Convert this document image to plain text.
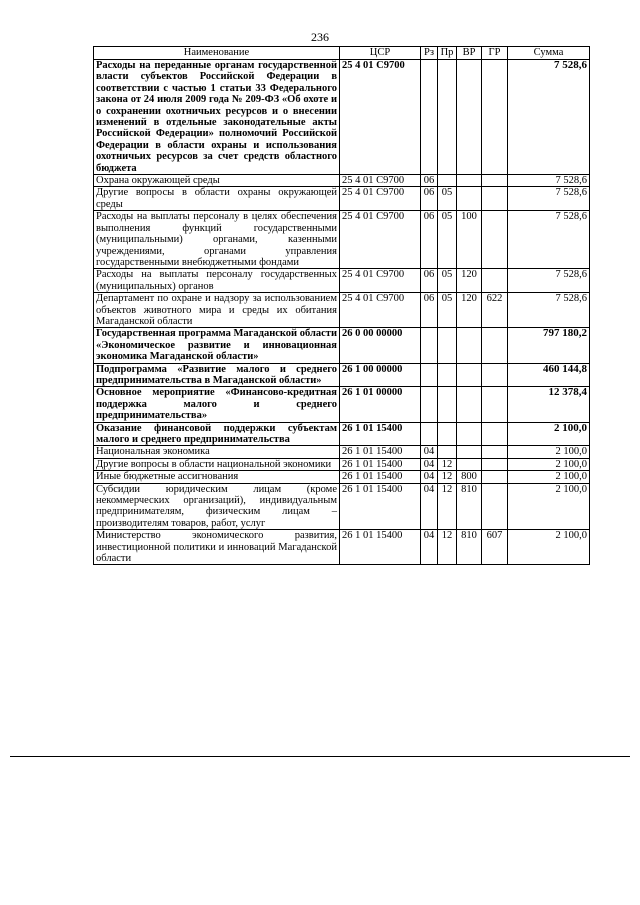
236
Наименование	ЦСР	Рз	Пр	ВР	ГР	Сумма
Расходы на переданные органам государственной власти субъектов Российской Федерации в соответствии с частью 1 статьи 33 Федерального закона от 24 июля 2009 года № 209-ФЗ «Об охоте и о сохранении охотничьих ресурсов и о внесении изменений в отдельные законодательные акты Российской Федерации» полномочий Российской Федерации в области охраны и использования охотничьих ресурсов за счет средств областного бюджета	25 4 01 С9700					7 528,6
Охрана окружающей среды	25 4 01 С9700	06				7 528,6
Другие вопросы в области охраны окружающей среды	25 4 01 С9700	06	05			7 528,6
Расходы на выплаты персоналу в целях обеспечения выполнения функций государственными (муниципальными) органами, казенными учреждениями, органами управления государственными внебюджетными фондами	25 4 01 С9700	06	05	100		7 528,6
Расходы на выплаты персоналу государственных (муниципальных) органов	25 4 01 С9700	06	05	120		7 528,6
Департамент по охране и надзору за использованием объектов животного мира и среды их обитания Магаданской области	25 4 01 С9700	06	05	120	622	7 528,6
Государственная программа Магаданской области «Экономическое развитие и инновационная экономика Магаданской области»	26 0 00 00000					797 180,2
Подпрограмма «Развитие малого и среднего предпринимательства в Магаданской области»	26 1 00 00000					460 144,8
Основное мероприятие «Финансово-кредитная поддержка малого и среднего предпринимательства»	26 1 01 00000					12 378,4
Оказание финансовой поддержки субъектам малого и среднего предпринимательства	26 1 01 15400					2 100,0
Национальная экономика	26 1 01 15400	04				2 100,0
Другие вопросы в области национальной экономики	26 1 01 15400	04	12			2 100,0
Иные бюджетные ассигнования	26 1 01 15400	04	12	800		2 100,0
Субсидии юридическим лицам (кроме некоммерческих организаций), индивидуальным предпринимателям, физическим лицам – производителям товаров, работ, услуг	26 1 01 15400	04	12	810		2 100,0
Министерство экономического развития, инвестиционной политики и инноваций Магаданской области	26 1 01 15400	04	12	810	607	2 100,0
